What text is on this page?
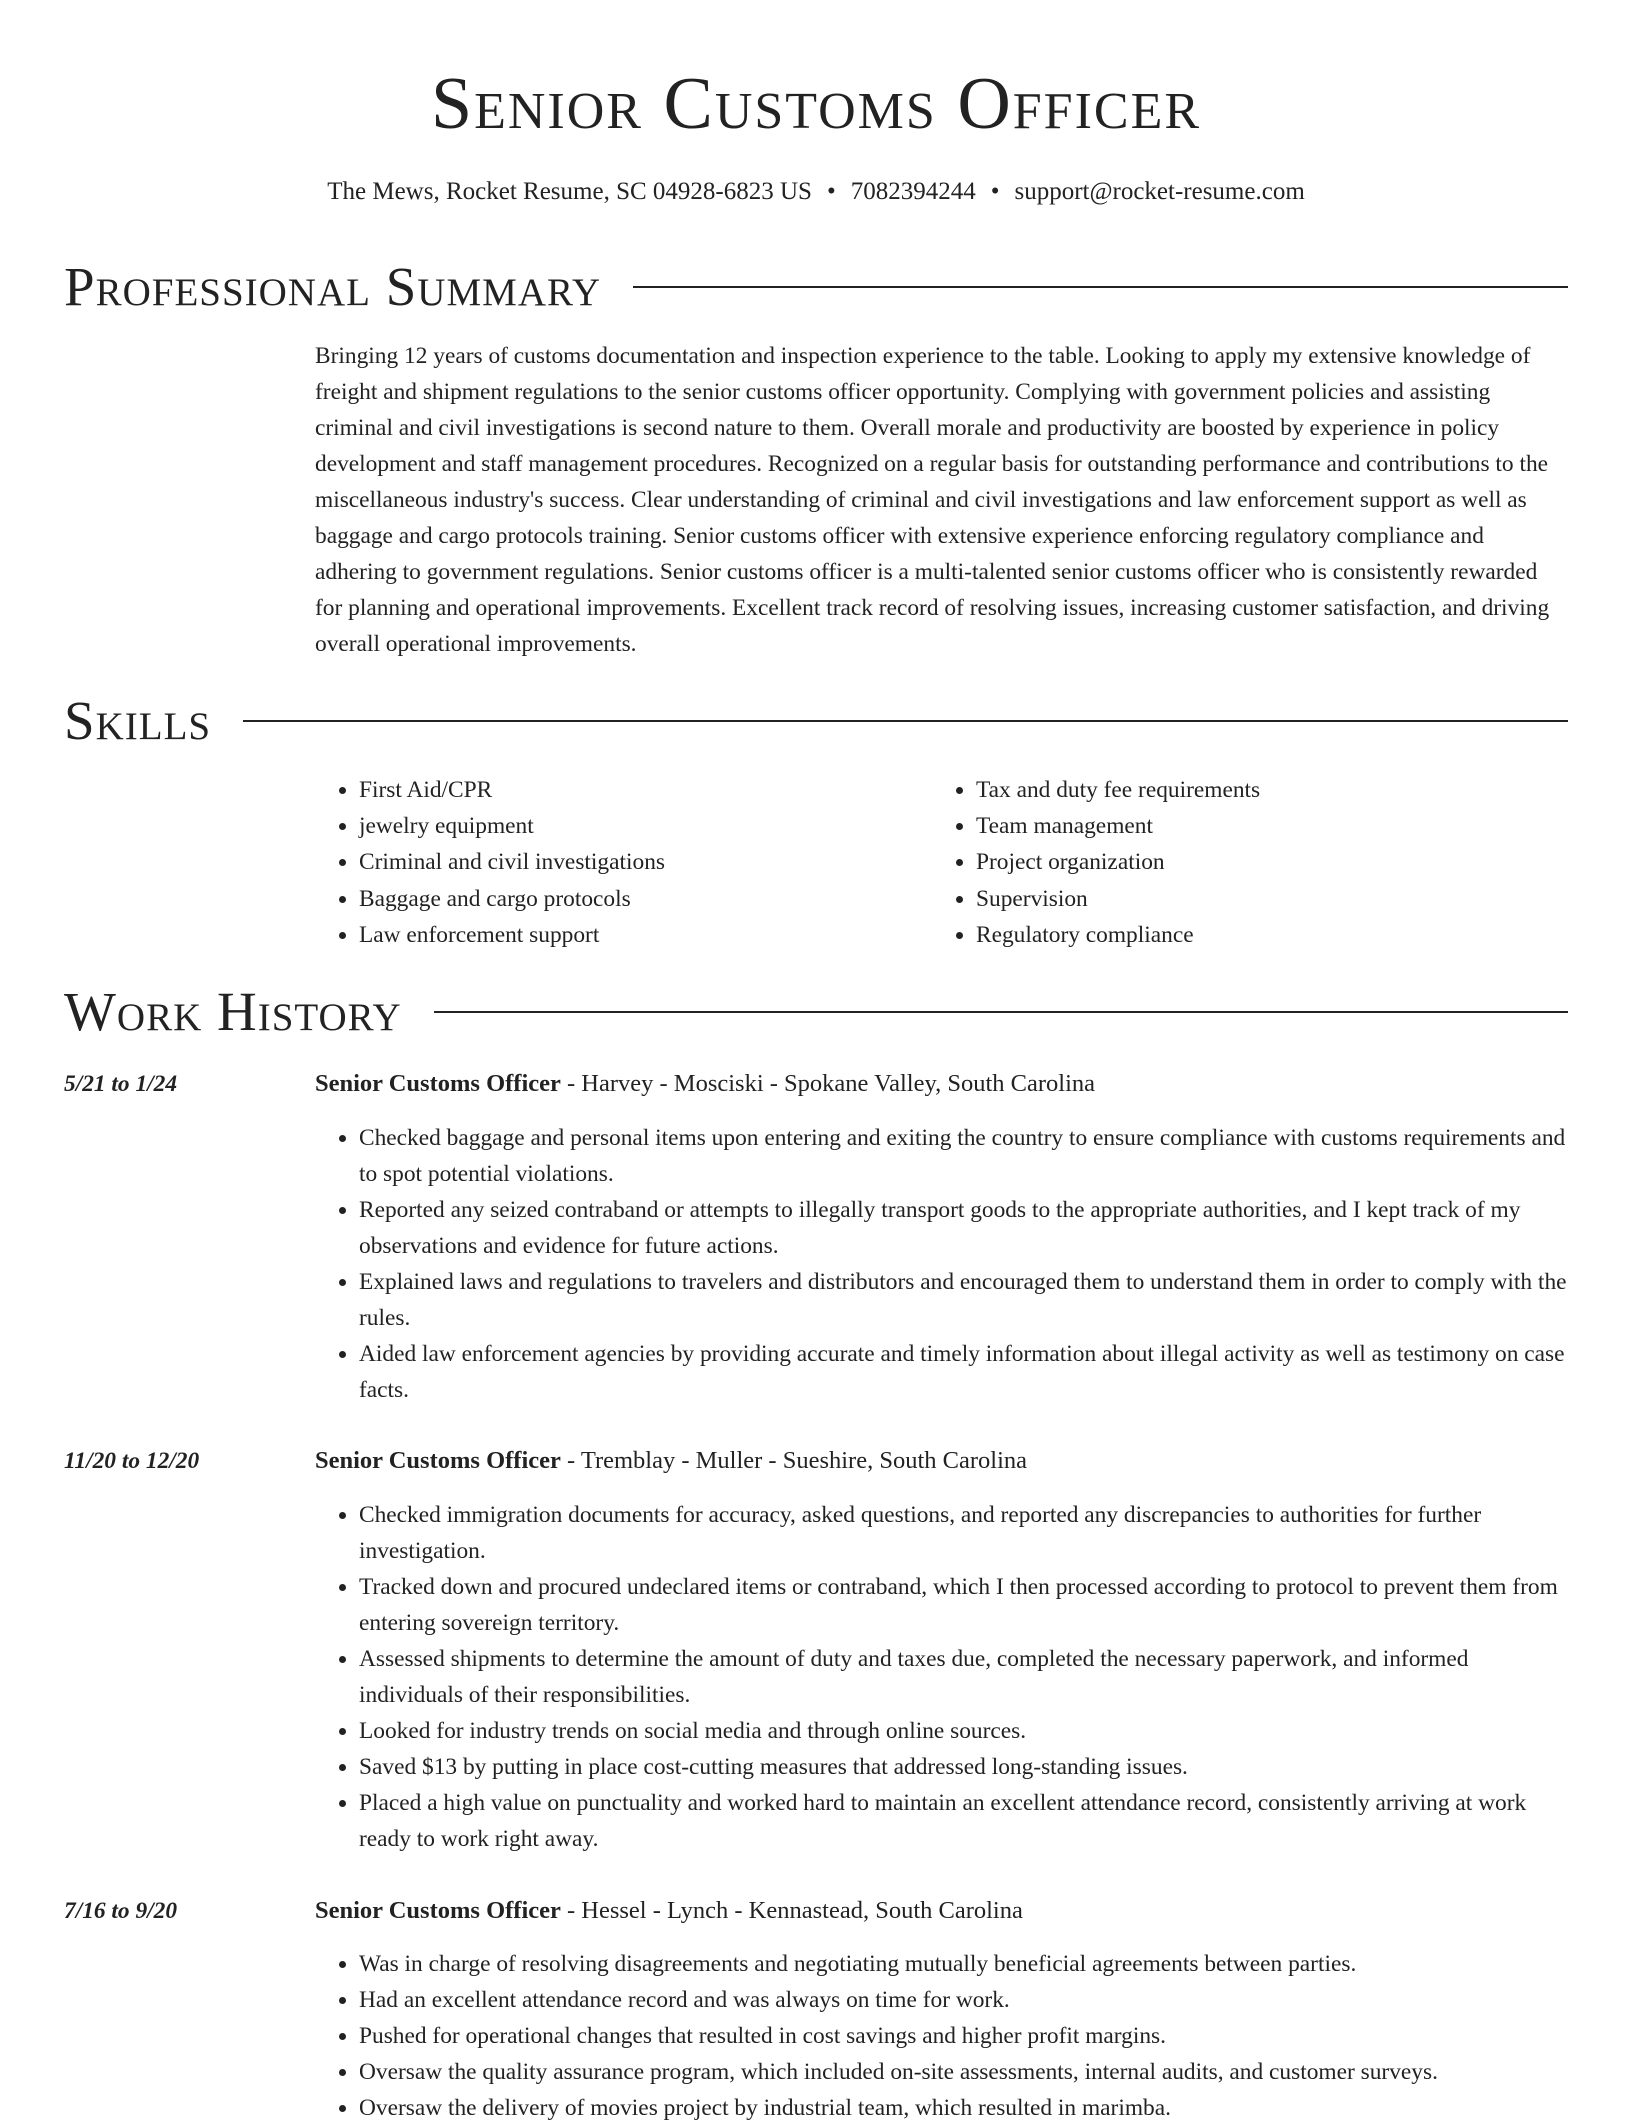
Senior Customs Officer
The Mews, Rocket Resume, SC 04928-6823 US • 7082394244 • support@rocket-resume.com
Professional Summary
Bringing 12 years of customs documentation and inspection experience to the table. Looking to apply my extensive knowledge of freight and shipment regulations to the senior customs officer opportunity. Complying with government policies and assisting criminal and civil investigations is second nature to them. Overall morale and productivity are boosted by experience in policy development and staff management procedures. Recognized on a regular basis for outstanding performance and contributions to the miscellaneous industry's success. Clear understanding of criminal and civil investigations and law enforcement support as well as baggage and cargo protocols training. Senior customs officer with extensive experience enforcing regulatory compliance and adhering to government regulations. Senior customs officer is a multi-talented senior customs officer who is consistently rewarded for planning and operational improvements. Excellent track record of resolving issues, increasing customer satisfaction, and driving overall operational improvements.
Skills
• First Aid/CPR
• jewelry equipment
• Criminal and civil investigations
• Baggage and cargo protocols
• Law enforcement support
• Tax and duty fee requirements
• Team management
• Project organization
• Supervision
• Regulatory compliance
Work History
5/21 to 1/24	Senior Customs Officer - Harvey - Mosciski - Spokane Valley, South Carolina
• Checked baggage and personal items upon entering and exiting the country to ensure compliance with customs requirements and to spot potential violations.
• Reported any seized contraband or attempts to illegally transport goods to the appropriate authorities, and I kept track of my observations and evidence for future actions.
• Explained laws and regulations to travelers and distributors and encouraged them to understand them in order to comply with the rules.
• Aided law enforcement agencies by providing accurate and timely information about illegal activity as well as testimony on case facts.
11/20 to 12/20	Senior Customs Officer - Tremblay - Muller - Sueshire, South Carolina
• Checked immigration documents for accuracy, asked questions, and reported any discrepancies to authorities for further investigation.
• Tracked down and procured undeclared items or contraband, which I then processed according to protocol to prevent them from entering sovereign territory.
• Assessed shipments to determine the amount of duty and taxes due, completed the necessary paperwork, and informed individuals of their responsibilities.
• Looked for industry trends on social media and through online sources.
• Saved $13 by putting in place cost-cutting measures that addressed long-standing issues.
• Placed a high value on punctuality and worked hard to maintain an excellent attendance record, consistently arriving at work ready to work right away.
7/16 to 9/20	Senior Customs Officer - Hessel - Lynch - Kennastead, South Carolina
• Was in charge of resolving disagreements and negotiating mutually beneficial agreements between parties.
• Had an excellent attendance record and was always on time for work.
• Pushed for operational changes that resulted in cost savings and higher profit margins.
• Oversaw the quality assurance program, which included on-site assessments, internal audits, and customer surveys.
• Oversaw the delivery of movies project by industrial team, which resulted in marimba.
